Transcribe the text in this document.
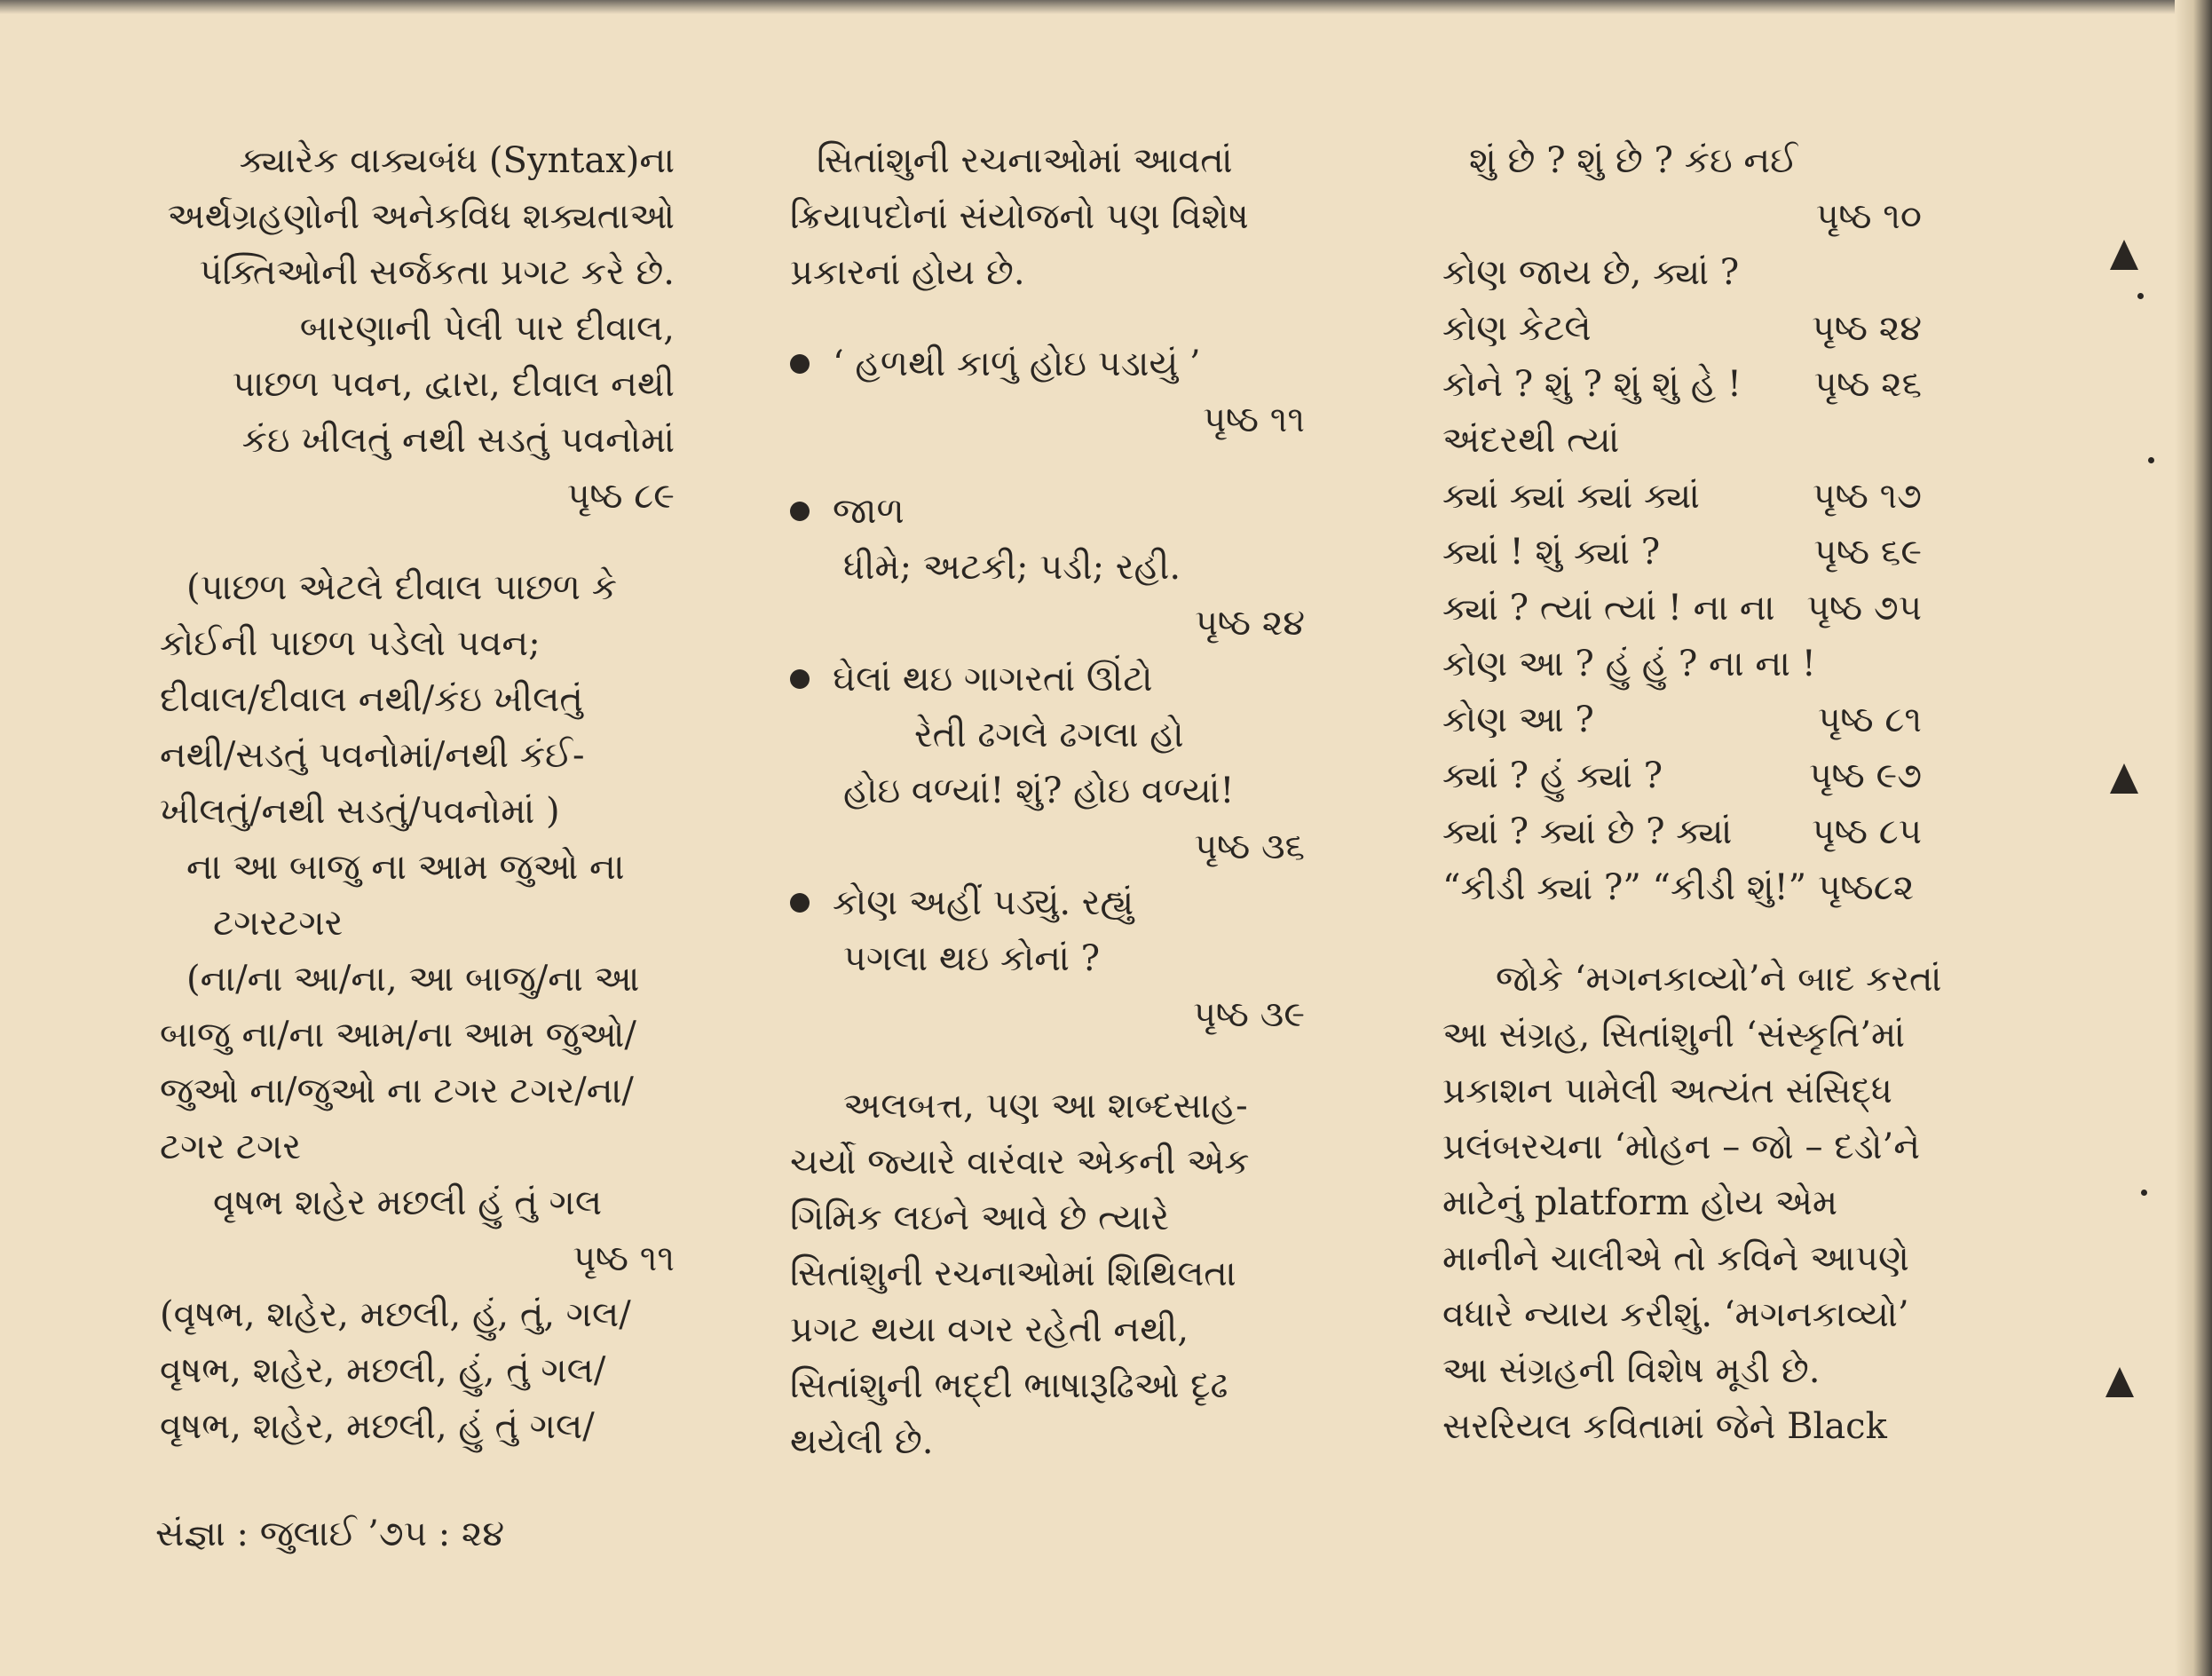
ક્યારેક વાક્યબંધ (Syntax)ના
અર્થગ્રહણોની અનેકવિધ શક્યતાઓ
પંક્તિઓની સર્જકતા પ્રગટ કરે છે.
બારણાની પેલી પાર દીવાલ,
પાછળ પવન, દ્વારા, દીવાલ નથી
કંઇ ખીલતું નથી સડતું પવનોમાં
પૃષ્ઠ ૮૯
(પાછળ એટલે દીવાલ પાછળ કે
કોઈની પાછળ પડેલો પવન;
દીવાલ/દીવાલ નથી/કંઇ ખીલતું
નથી/સડતું પવનોમાં/નથી કંઈ-
ખીલતું/નથી સડતું/પવનોમાં )
ના આ બાજુ ના આમ જુઓ ના
ટગરટગર
(ના/ના આ/ના, આ બાજુ/ના આ
બાજુ ના/ના આમ/ના આમ જુઓ/
જુઓ ના/જુઓ ના ટગર ટગર/ના/
ટગર ટગર
વૃષભ શહેર મછલી હું તું ગલ
પૃષ્ઠ ૧૧
(વૃષભ, શહેર, મછલી, હું, તું, ગલ/
વૃષભ, શહેર, મછલી, હું, તું ગલ/
વૃષભ, શહેર, મછલી, હું તું ગલ/
સિતાંશુની રચનાઓમાં આવતાં
ક્રિયાપદોનાં સંયોજનો પણ વિશેષ
પ્રકારનાં હોય છે.
‘ હળથી કાળું હોઇ પડાયું ’
પૃષ્ઠ ૧૧
જાળ
ધીમે; અટકી; પડી; રહી.
પૃષ્ઠ ૨૪
ઘેલાં થઇ ગાગરતાં ઊંટો
રેતી ઢગલે ઢગલા હો
હોઇ વળ્યાં! શું? હોઇ વળ્યાં!
પૃષ્ઠ ૩૬
કોણ અહીં પડ્યું. રહ્યું
પગલા થઇ કોનાં ?
પૃષ્ઠ ૩૯
અલબત્ત, પણ આ શબ્દસાહ-
ચર્યો જ્યારે વારંવાર એકની એક
ગિમિક લઇને આવે છે ત્યારે
સિતાંશુની રચનાઓમાં શિથિલતા
પ્રગટ થયા વગર રહેતી નથી,
સિતાંશુની ભદ્દી ભાષારૂઢિઓ દૃઢ
થયેલી છે.
શું છે ? શું છે ? કંઇ નઈ
પૃષ્ઠ ૧૦
કોણ જાય છે, ક્યાં ?
કોણ કેટલે	પૃષ્ઠ ૨૪
કોને ? શું ? શું શું હે ! પૃષ્ઠ ૨૬
અંદરથી ત્યાં
ક્યાં ક્યાં ક્યાં ક્યાં	પૃષ્ઠ ૧૭
ક્યાં ! શું ક્યાં ?	પૃષ્ઠ ૬૯
ક્યાં ? ત્યાં ત્યાં ! ના ના પૃષ્ઠ ૭૫
કોણ આ ? હું હું ? ના ના !
કોણ આ ?	પૃષ્ઠ ૮૧
ક્યાં ? હું ક્યાં ?	પૃષ્ઠ ૯૭
ક્યાં ? ક્યાં છે ? ક્યાં પૃષ્ઠ ૮૫
“કીડી ક્યાં ?” “કીડી શું!” પૃષ્ઠ૮૨
જોકે ‘મગનકાવ્યો’ને બાદ કરતાં
આ સંગ્રહ, સિતાંશુની ‘સંસ્કૃતિ’માં
પ્રકાશન પામેલી અત્યંત સંસિદ્ધ
પ્રલંબરચના ‘મોહન – જો – દડો’ને
માટેનું platform હોય એમ
માનીને ચાલીએ તો કવિને આપણે
વધારે ન્યાય કરીશું. ‘મગનકાવ્યો’
આ સંગ્રહની વિશેષ મૂડી છે.
સરરિયલ કવિતામાં જેને Black
સંજ્ઞા : જુલાઈ ’૭૫ : ૨૪
